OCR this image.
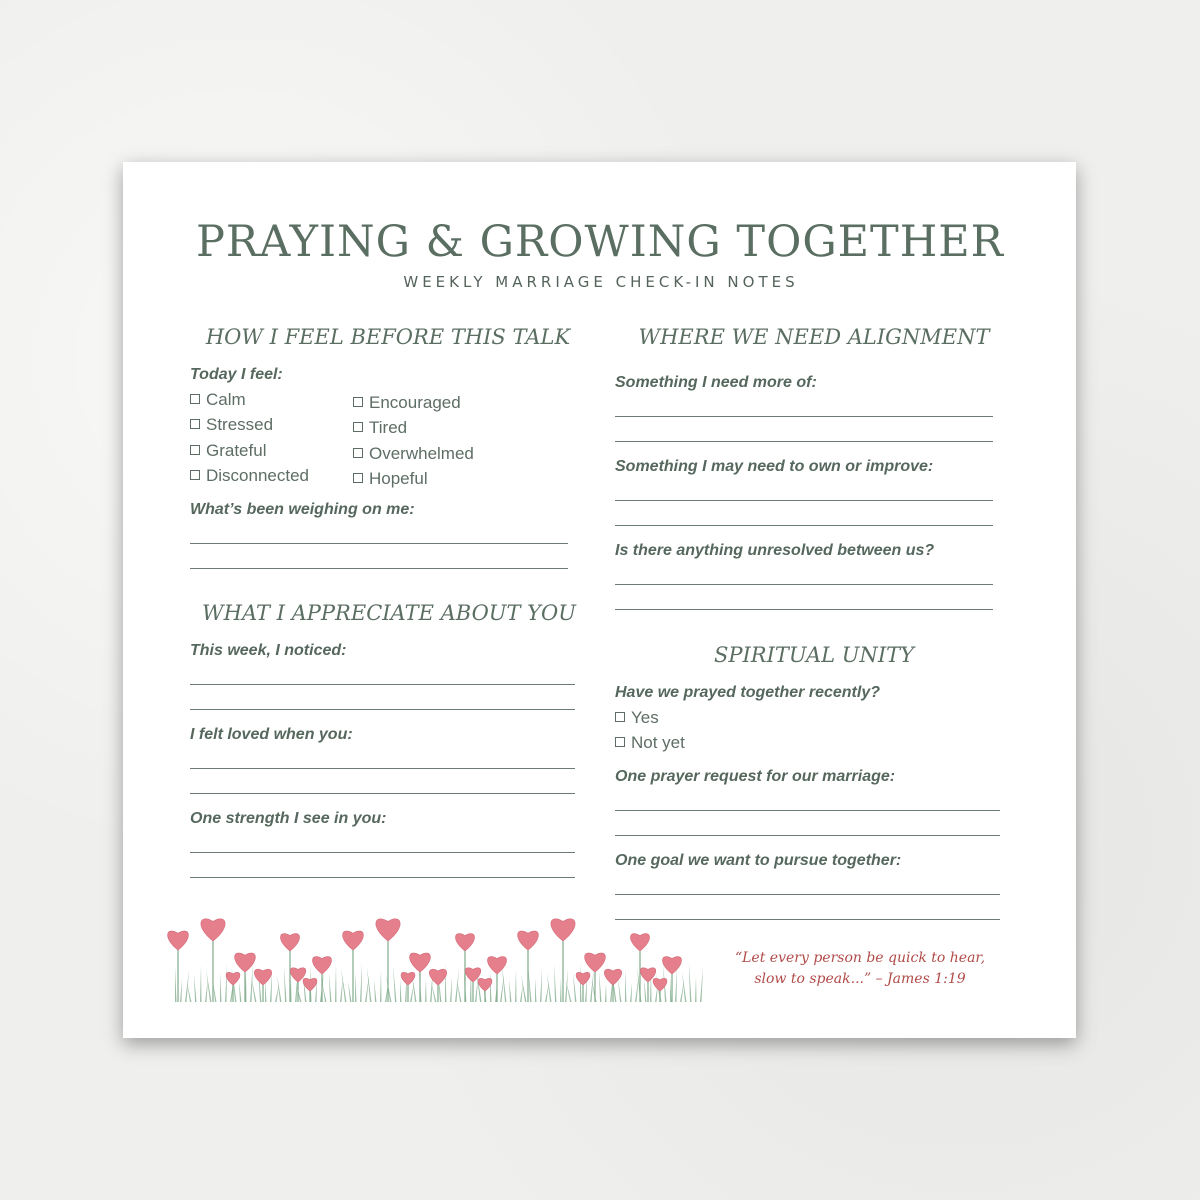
PRAYING & GROWING TOGETHER
WEEKLY MARRIAGE CHECK-IN NOTES
HOW I FEEL BEFORE THIS TALK
Today I feel:
Calm
Stressed
Grateful
Disconnected
Encouraged
Tired
Overwhelmed
Hopeful
What’s been weighing on me:
WHAT I APPRECIATE ABOUT YOU
This week, I noticed:
I felt loved when you:
One strength I see in you:
WHERE WE NEED ALIGNMENT
Something I need more of:
Something I may need to own or improve:
Is there anything unresolved between us?
SPIRITUAL UNITY
Have we prayed together recently?
Yes
Not yet
One prayer request for our marriage:
One goal we want to pursue together:
“Let every person be quick to hear,
slow to speak...” – James 1:19
